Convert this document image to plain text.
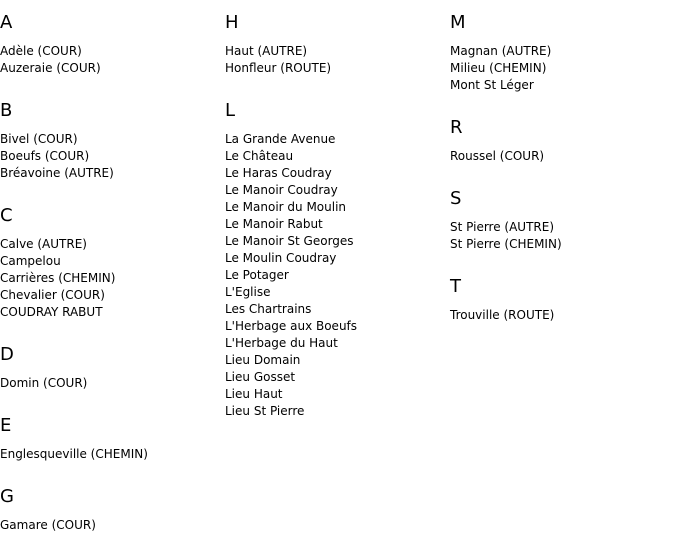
A
Adèle (COUR)
Auzeraie (COUR)
B
Bivel (COUR)
Boeufs (COUR)
Bréavoine (AUTRE)
C
Calve (AUTRE)
Campelou
Carrières (CHEMIN)
Chevalier (COUR)
COUDRAY RABUT
D
Domin (COUR)
E
Englesqueville (CHEMIN)
G
Gamare (COUR)
H
Haut (AUTRE)
Honfleur (ROUTE)
L
La Grande Avenue
Le Château
Le Haras Coudray
Le Manoir Coudray
Le Manoir du Moulin
Le Manoir Rabut
Le Manoir St Georges
Le Moulin Coudray
Le Potager
L'Eglise
Les Chartrains
L'Herbage aux Boeufs
L'Herbage du Haut
Lieu Domain
Lieu Gosset
Lieu Haut
Lieu St Pierre
M
Magnan (AUTRE)
Milieu (CHEMIN)
Mont St Léger
R
Roussel (COUR)
S
St Pierre (AUTRE)
St Pierre (CHEMIN)
T
Trouville (ROUTE)
